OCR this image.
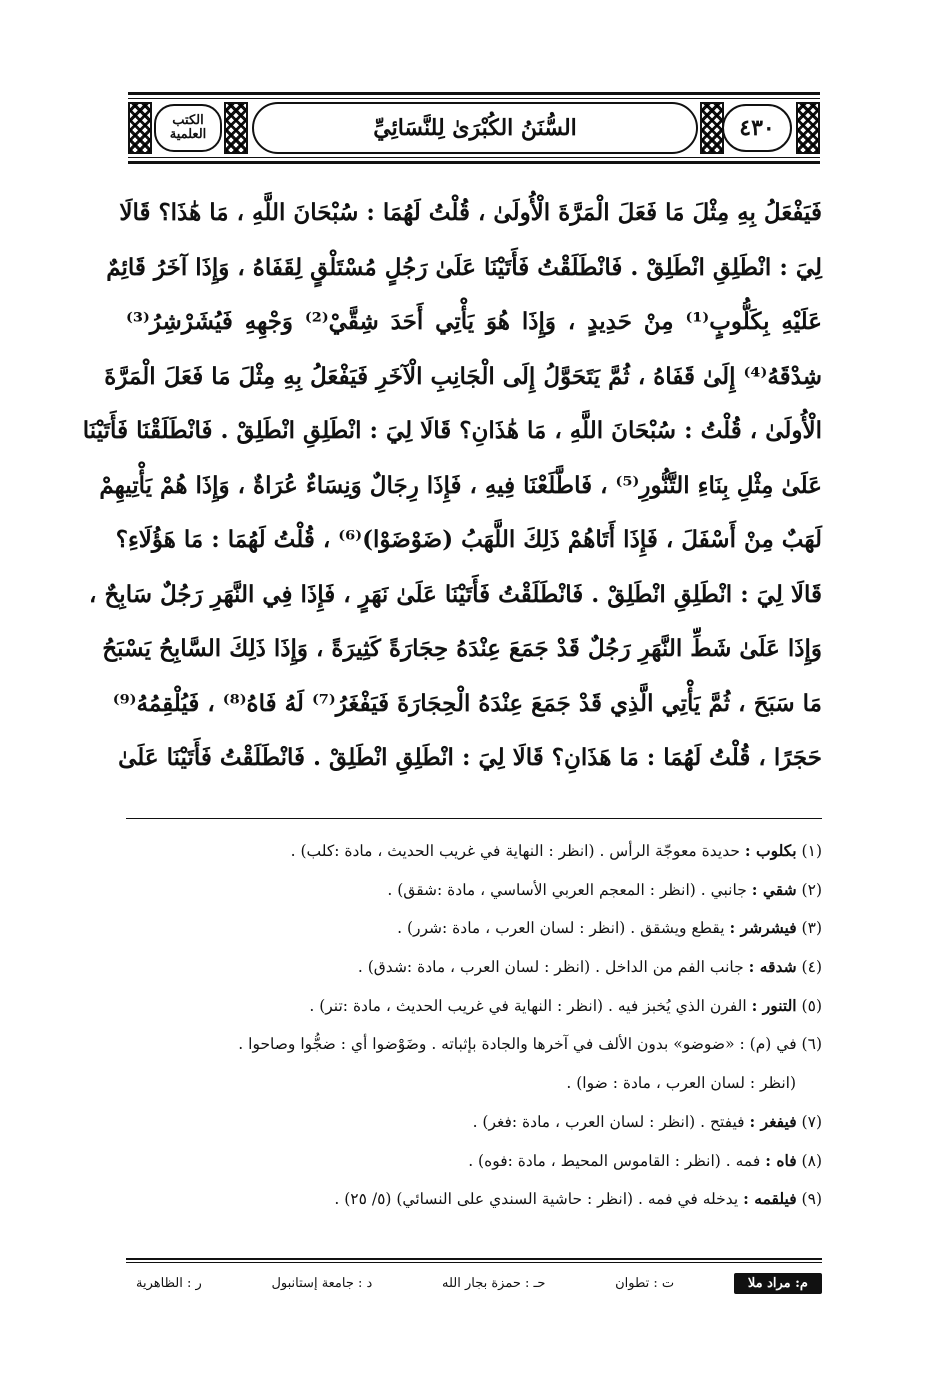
الكتب العلمية	السُّنَنُ الكُبْرَىٰ لِلنَّسَائِيِّ	٤٣٠
فَيَفْعَلُ بِهِ مِثْلَ مَا فَعَلَ الْمَرَّةَ الْأُولَىٰ ، قُلْتُ لَهُمَا : سُبْحَانَ اللَّهِ ، مَا هَٰذَا؟ قَالَا
لِيَ : انْطَلِقِ انْطَلِقْ . فَانْطَلَقْتُ فَأَتَيْنَا عَلَىٰ رَجُلٍ مُسْتَلْقٍ لِقَفَاهُ ، وَإِذَا آخَرُ قَائِمٌ
عَلَيْهِ بِكَلُّوبٍ⁽¹⁾ مِنْ حَدِيدٍ ، وَإِذَا هُوَ يَأْتِي أَحَدَ شِقَّيْ⁽²⁾ وَجْهِهِ فَيُشَرْشِرُ⁽³⁾
شِدْقَهُ⁽⁴⁾ إِلَىٰ قَفَاهُ ، ثُمَّ يَتَحَوَّلُ إِلَى الْجَانِبِ الْآخَرِ فَيَفْعَلُ بِهِ مِثْلَ مَا فَعَلَ الْمَرَّةَ
الْأُولَىٰ ، قُلْتُ : سُبْحَانَ اللَّهِ ، مَا هَٰذَانِ؟ قَالَا لِيَ : انْطَلِقِ انْطَلِقْ . فَانْطَلَقْنَا فَأَتَيْنَا
عَلَىٰ مِثْلِ بِنَاءِ التَّنُّورِ⁽⁵⁾ ، فَاطَّلَعْنَا فِيهِ ، فَإِذَا رِجَالٌ وَنِسَاءٌ عُرَاةٌ ، وَإِذَا هُمْ يَأْتِيهِمْ
لَهَبٌ مِنْ أَسْفَلَ ، فَإِذَا أَتَاهُمْ ذَلِكَ اللَّهَبُ (ضَوْضَوْا)⁽⁶⁾ ، قُلْتُ لَهُمَا : مَا هَؤُلَاءِ؟
قَالَا لِيَ : انْطَلِقِ انْطَلِقْ . فَانْطَلَقْتُ فَأَتَيْنَا عَلَىٰ نَهَرٍ ، فَإِذَا فِي النَّهَرِ رَجُلٌ سَابِحٌ ،
وَإِذَا عَلَىٰ شَطِّ النَّهَرِ رَجُلٌ قَدْ جَمَعَ عِنْدَهُ حِجَارَةً كَثِيرَةً ، وَإِذَا ذَلِكَ السَّابِحُ يَسْبَحُ
مَا سَبَحَ ، ثُمَّ يَأْتِي الَّذِي قَدْ جَمَعَ عِنْدَهُ الْحِجَارَةَ فَيَفْغَرُ⁽⁷⁾ لَهُ فَاهُ⁽⁸⁾ ، فَيُلْقِمُهُ⁽⁹⁾
حَجَرًا ، قُلْتُ لَهُمَا : مَا هَذَانِ؟ قَالَا لِيَ : انْطَلِقِ انْطَلِقْ . فَانْطَلَقْتُ فَأَتَيْنَا عَلَىٰ
(١) بكلوب : حديدة معوجّة الرأس . (انظر : النهاية في غريب الحديث ، مادة :كلب) .
(٢) شقي : جانبي . (انظر : المعجم العربي الأساسي ، مادة :شقق) .
(٣) فيشرشر : يقطع ويشقق . (انظر : لسان العرب ، مادة :شرر) .
(٤) شدقه : جانب الفم من الداخل . (انظر : لسان العرب ، مادة :شدق) .
(٥) التنور : الفرن الذي يُخبز فيه . (انظر : النهاية في غريب الحديث ، مادة :تنر) .
(٦) في (م) : «ضوضو» بدون الألف في آخرها والجادة بإثباته . وضَوْضوا أي : ضجُّوا وصاحوا .
(انظر : لسان العرب ، مادة : ضوا) .
(٧) فيفغر : فيفتح . (انظر : لسان العرب ، مادة :فغر) .
(٨) فاه : فمه . (انظر : القاموس المحيط ، مادة :فوه) .
(٩) فيلقمه : يدخله في فمه . (انظر : حاشية السندي على النسائي) (٥/ ٢٥) .
م: مراد ملا
ت : تطوان
حـ : حمزة بجار الله
د : جامعة إستانبول
ر : الظاهرية
